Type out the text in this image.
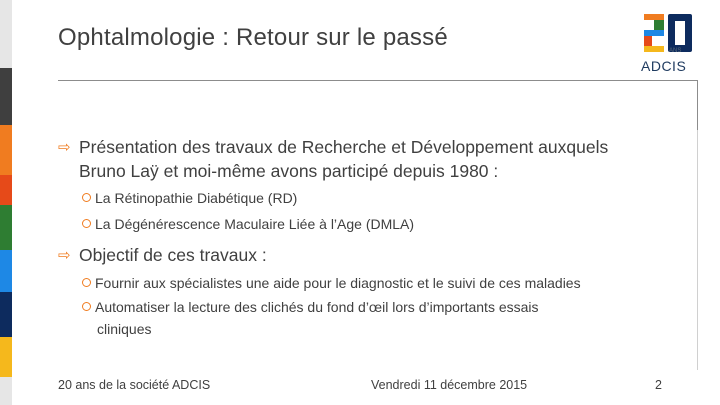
Ophtalmologie : Retour sur le passé	ANS
ADCIS
⇨ Présentation des travaux de Recherche et Développement auxquels
Bruno Laÿ et moi-même avons participé depuis 1980 :
La Rétinopathie Diabétique (RD)
La Dégénérescence Maculaire Liée à l’Age (DMLA)
⇨ Objectif de ces travaux :
Fournir aux spécialistes une aide pour le diagnostic et le suivi de ces maladies
Automatiser la lecture des clichés du fond d’œil lors d’importants essais
cliniques
20 ans de la société ADCIS	Vendredi 11 décembre 2015	2
